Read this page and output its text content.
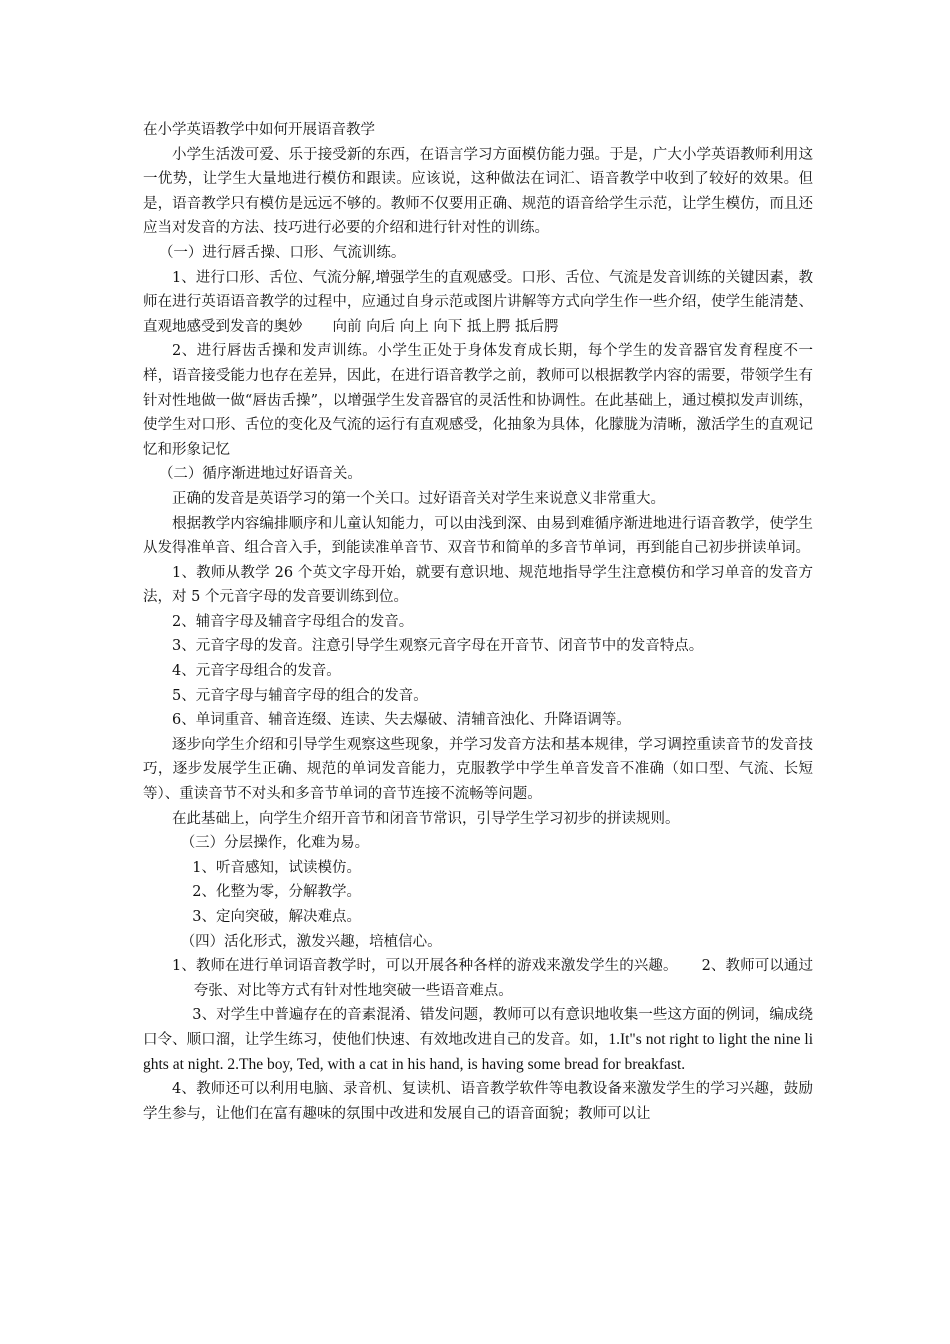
在小学英语教学中如何开展语音教学

小学生活泼可爱、乐于接受新的东西，在语言学习方面模仿能力强。于是，广大小学英语教师利用这一优势，让学生大量地进行模仿和跟读。应该说，这种做法在词汇、语音教学中收到了较好的效果。但是，语音教学只有模仿是远远不够的。教师不仅要用正确、规范的语音给学生示范，让学生模仿，而且还应当对发音的方法、技巧进行必要的介绍和进行针对性的训练。

（一）进行唇舌操、口形、气流训练。

1、进行口形、舌位、气流分解,增强学生的直观感受。口形、舌位、气流是发音训练的关键因素，教师在进行英语语音教学的过程中，应通过自身示范或图片讲解等方式向学生作一些介绍，使学生能清楚、直观地感受到发音的奥妙 向前 向后 向上 向下 抵上腭 抵后腭

2、进行唇齿舌操和发声训练。小学生正处于身体发育成长期，每个学生的发音器官发育程度不一样，语音接受能力也存在差异，因此，在进行语音教学之前，教师可以根据教学内容的需要，带领学生有针对性地做一做“唇齿舌操”，以增强学生发音器官的灵活性和协调性。在此基础上，通过模拟发声训练，使学生对口形、舌位的变化及气流的运行有直观感受，化抽象为具体，化朦胧为清晰，激活学生的直观记忆和形象记忆

（二）循序渐进地过好语音关。

正确的发音是英语学习的第一个关口。过好语音关对学生来说意义非常重大。

根据教学内容编排顺序和儿童认知能力，可以由浅到深、由易到难循序渐进地进行语音教学，使学生从发得准单音、组合音入手，到能读准单音节、双音节和简单的多音节单词，再到能自己初步拼读单词。

1、教师从教学 26 个英文字母开始，就要有意识地、规范地指导学生注意模仿和学习单音的发音方法，对 5 个元音字母的发音要训练到位。

2、辅音字母及辅音字母组合的发音。

3、元音字母的发音。注意引导学生观察元音字母在开音节、闭音节中的发音特点。

4、元音字母组合的发音。

5、元音字母与辅音字母的组合的发音。

6、单词重音、辅音连缀、连读、失去爆破、清辅音浊化、升降语调等。

逐步向学生介绍和引导学生观察这些现象，并学习发音方法和基本规律，学习调控重读音节的发音技巧，逐步发展学生正确、规范的单词发音能力，克服教学中学生单音发音不准确（如口型、气流、长短等）、重读音节不对头和多音节单词的音节连接不流畅等问题。

在此基础上，向学生介绍开音节和闭音节常识，引导学生学习初步的拼读规则。

（三）分层操作，化难为易。

1、听音感知，试读模仿。

2、化整为零，分解教学。

3、定向突破，解决难点。

（四）活化形式，激发兴趣，培植信心。

1、教师在进行单词语音教学时，可以开展各种各样的游戏来激发学生的兴趣。 2、教师可以通过夸张、对比等方式有针对性地突破一些语音难点。

3、对学生中普遍存在的音素混淆、错发问题，教师可以有意识地收集一些这方面的例词，编成绕口令、顺口溜，让学生练习，使他们快速、有效地改进自己的发音。如，1.It"s not right to light the nine lights at night. 2.The boy, Ted, with a cat in his hand, is having some bread for breakfast.

4、教师还可以利用电脑、录音机、复读机、语音教学软件等电教设备来激发学生的学习兴趣，鼓励学生参与，让他们在富有趣味的氛围中改进和发展自己的语音面貌；教师可以让
